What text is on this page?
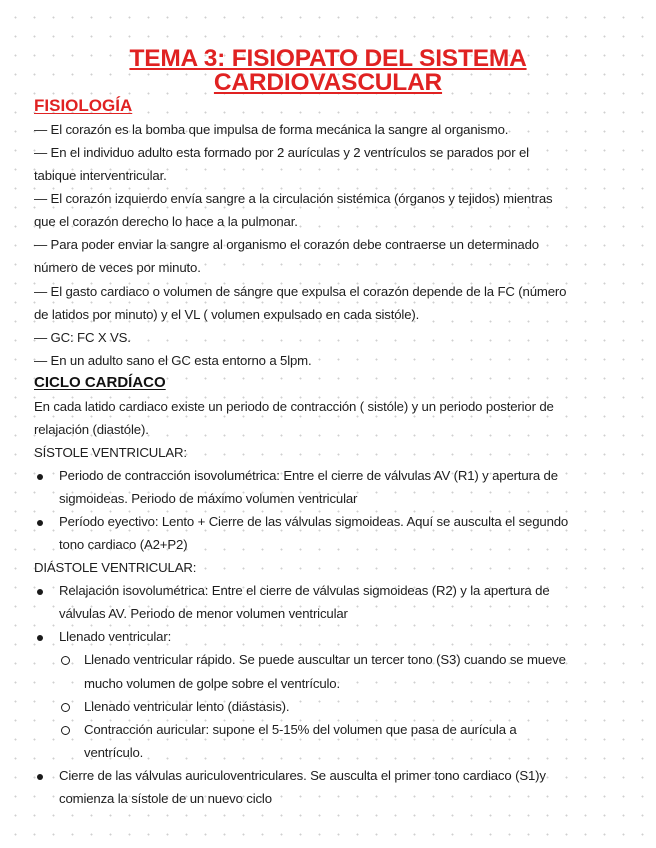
TEMA 3: FISIOPATO DEL SISTEMA
CARDIOVASCULAR
FISIOLOGÍA

— El corazón es la bomba que impulsa de forma mecánica la sangre al organismo.

— En el individuo adulto esta formado por 2 aurículas y 2 ventrículos se parados por el

tabique interventricular.

— El corazón izquierdo envía sangre a la circulación sistémica (órganos y tejidos) mientras

que el corazón derecho lo hace a la pulmonar.

— Para poder enviar la sangre al organismo el corazón debe contraerse un determinado

número de veces por minuto.

— El gasto cardiaco o volumen de sángre que expulsa el corazón depende de la FC (número

de latidos por minuto) y el VL ( volumen expulsado en cada sistóle).

— GC: FC X VS.

— En un adulto sano el GC esta entorno a 5lpm.

CICLO CARDÍACO

En cada latido cardiaco existe un periodo de contracción ( sistóle) y un periodo posterior de

relajación (diastóle).

SÍSTOLE VENTRICULAR:

Periodo de contracción isovolumétrica: Entre el cierre de válvulas AV (R1) y apertura de

sigmoideas. Periodo de máximo volumen ventricular

Período eyectivo: Lento + Cierre de las válvulas sigmoideas. Aquí se ausculta el segundo

tono cardiaco (A2+P2)

DIÁSTOLE VENTRICULAR:

Relajación isovolumétrica: Entre el cierre de válvulas sigmoideas (R2) y la apertura de

válvulas AV. Periodo de menor volumen ventricular

Llenado ventricular:

Llenado ventricular rápido. Se puede auscultar un tercer tono (S3) cuando se mueve

mucho volumen de golpe sobre el ventrículo.

Llenado ventricular lento (diástasis).

Contracción auricular: supone el 5-15% del volumen que pasa de aurícula a

ventrículo.

Cierre de las válvulas auriculoventriculares. Se ausculta el primer tono cardiaco (S1)y

comienza la sístole de un nuevo ciclo
